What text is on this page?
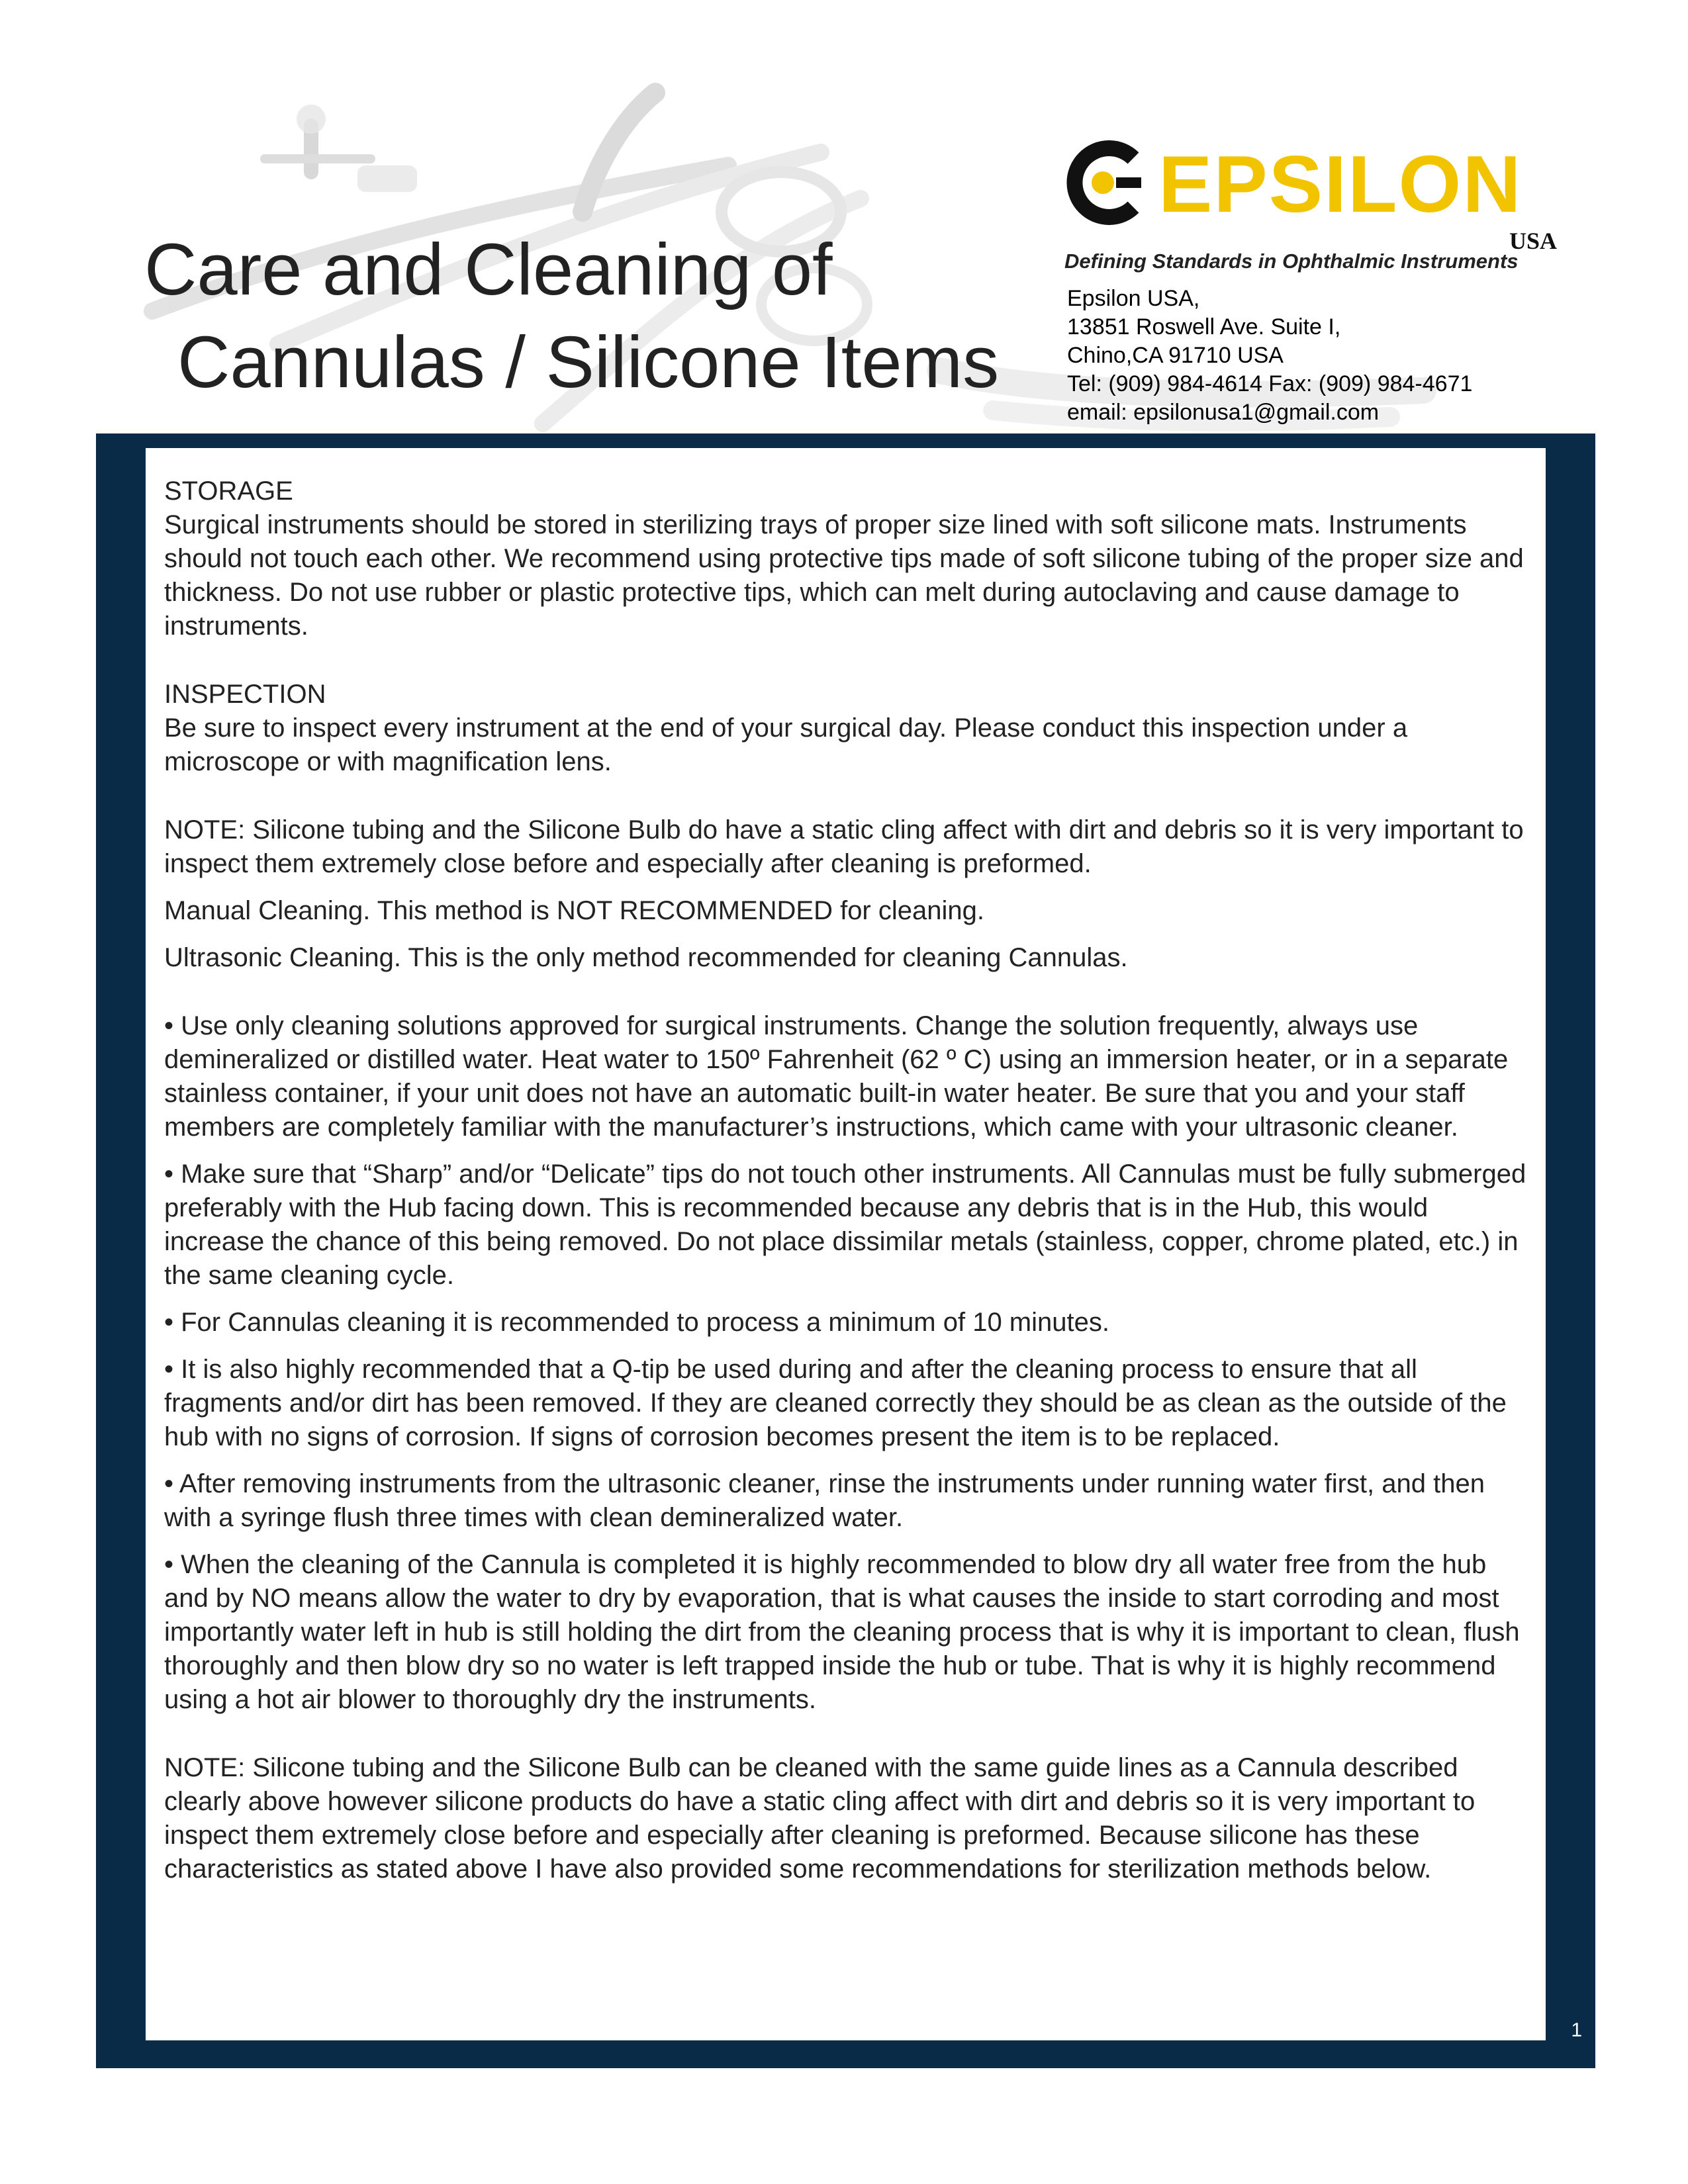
Care and Cleaning of
Cannulas / Silicone Items
EPSILON
USA
Defining Standards in Ophthalmic Instruments
Epsilon USA,
13851 Roswell Ave. Suite I,
Chino,CA 91710 USA
Tel: (909) 984-4614 Fax: (909) 984-4671
email: epsilonusa1@gmail.com

STORAGE

Surgical instruments should be stored in sterilizing trays of proper size lined with soft silicone mats. Instruments should not touch each other. We recommend using protective tips made of soft silicone tubing of the proper size and thickness. Do not use rubber or plastic protective tips, which can melt during autoclaving and cause damage to instruments.

INSPECTION

Be sure to inspect every instrument at the end of your surgical day. Please conduct this inspection under a microscope or with magnification lens.

NOTE: Silicone tubing and the Silicone Bulb do have a static cling affect with dirt and debris so it is very important to inspect them extremely close before and especially after cleaning is preformed.

Manual Cleaning. This method is NOT RECOMMENDED for cleaning.

Ultrasonic Cleaning. This is the only method recommended for cleaning Cannulas.

• Use only cleaning solutions approved for surgical instruments. Change the solution frequently, always use demineralized or distilled water. Heat water to 150º Fahrenheit (62 º C) using an immersion heater, or in a separate stainless container, if your unit does not have an automatic built-in water heater. Be sure that you and your staff members are completely familiar with the manufacturer’s instructions, which came with your ultrasonic cleaner.

• Make sure that “Sharp” and/or “Delicate” tips do not touch other instruments. All Cannulas must be fully submerged preferably with the Hub facing down. This is recommended because any debris that is in the Hub, this would increase the chance of this being removed. Do not place dissimilar metals (stainless, copper, chrome plated, etc.) in the same cleaning cycle.

• For Cannulas cleaning it is recommended to process a minimum of 10 minutes.

• It is also highly recommended that a Q-tip be used during and after the cleaning process to ensure that all fragments and/or dirt has been removed. If they are cleaned correctly they should be as clean as the outside of the hub with no signs of corrosion. If signs of corrosion becomes present the item is to be replaced.

• After removing instruments from the ultrasonic cleaner, rinse the instruments under running water first, and then with a syringe flush three times with clean demineralized water.

• When the cleaning of the Cannula is completed it is highly recommended to blow dry all water free from the hub and by NO means allow the water to dry by evaporation, that is what causes the inside to start corroding and most importantly water left in hub is still holding the dirt from the cleaning process that is why it is important to clean, flush thoroughly and then blow dry so no water is left trapped inside the hub or tube. That is why it is highly recommend using a hot air blower to thoroughly dry the instruments.

NOTE: Silicone tubing and the Silicone Bulb can be cleaned with the same guide lines as a Cannula described clearly above however silicone products do have a static cling affect with dirt and debris so it is very important to inspect them extremely close before and especially after cleaning is preformed. Because silicone has these characteristics as stated above I have also provided some recommendations for sterilization methods below.

1
